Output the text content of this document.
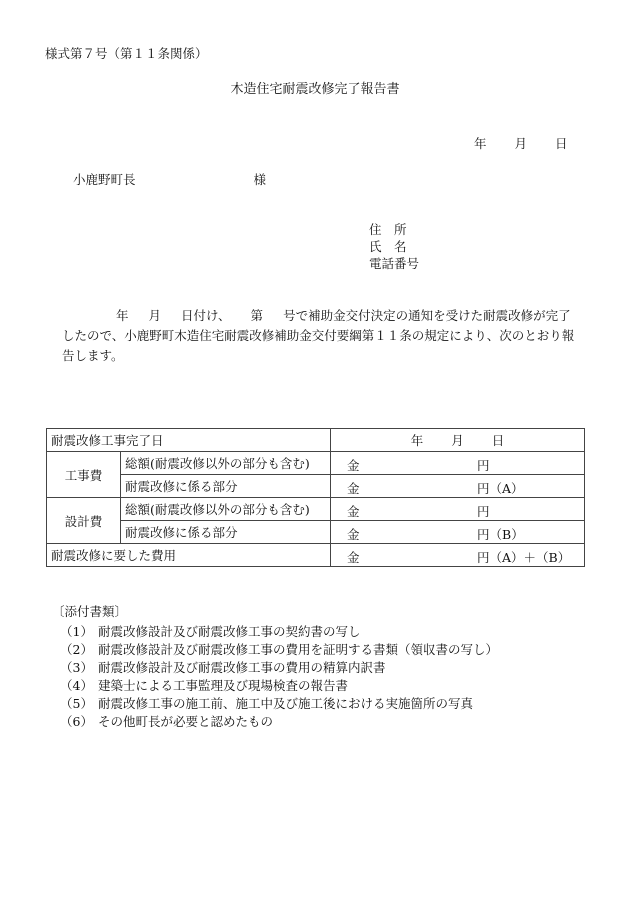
様式第７号（第１１条関係）
木造住宅耐震改修完了報告書
年 月 日
小鹿野町長	様
住　所
氏　名
電話番号
年 月 日付け、 第 号で補助金交付決定の通知を受けた耐震改修が完了したので、小鹿野町木造住宅耐震改修補助金交付要綱第１１条の規定により、次のとおり報告します。
耐震改修工事完了日		年 月 日
工事費	総額(耐震改修以外の部分も含む)	金 円

	耐震改修に係る部分	金 円（A）

設計費	総額(耐震改修以外の部分も含む)	金 円

	耐震改修に係る部分	金 円（B）

耐震改修に要した費用		金 円（A）＋（B）
〔添付書類〕
（1） 耐震改修設計及び耐震改修工事の契約書の写し
（2） 耐震改修設計及び耐震改修工事の費用を証明する書類（領収書の写し）
（3） 耐震改修設計及び耐震改修工事の費用の精算内訳書
（4） 建築士による工事監理及び現場検査の報告書
（5） 耐震改修工事の施工前、施工中及び施工後における実施箇所の写真
（6） その他町長が必要と認めたもの
